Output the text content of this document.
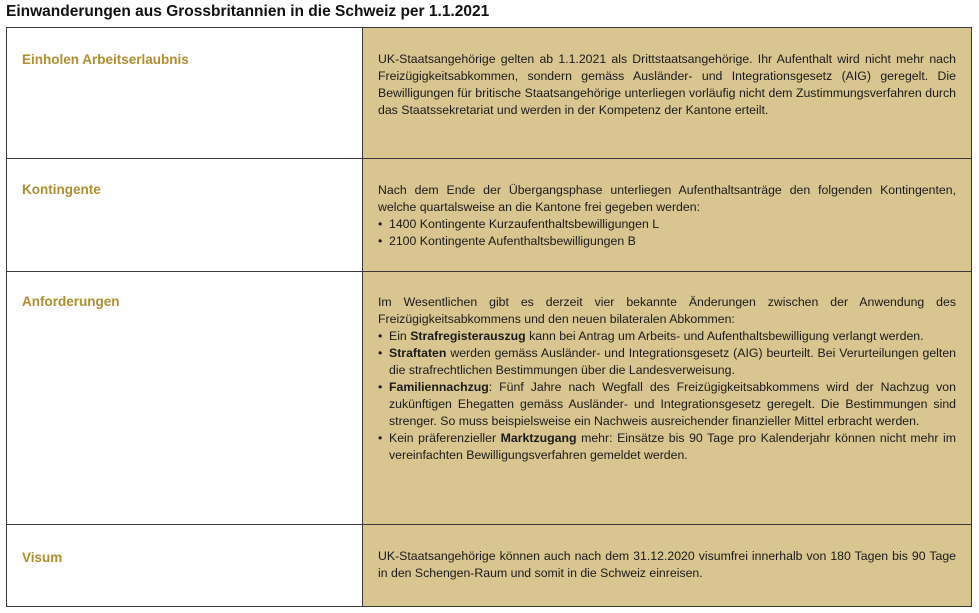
Einwanderungen aus Grossbritannien in die Schweiz per 1.1.2021
Einholen Arbeitserlaubnis	UK-Staatsangehörige gelten ab 1.1.2021 als Drittstaatsangehörige. Ihr Aufenthalt wird nicht mehr nach Freizügigkeitsabkommen, sondern gemäss Ausländer- und Integrationsgesetz (AIG) geregelt. Die Bewilligungen für britische Staatsangehörige unterliegen vorläufig nicht dem Zustimmungsverfahren durch das Staatssekretariat und werden in der Kompetenz der Kantone erteilt.

Kontingente	Nach dem Ende der Übergangsphase unterliegen Aufenthaltsanträge den folgenden Kontingenten, welche quartalsweise an die Kantone frei gegeben werden:

• 1400 Kontingente Kurzaufenthaltsbewilligungen L
• 2100 Kontingente Aufenthaltsbewilligungen B
Anforderungen	Im Wesentlichen gibt es derzeit vier bekannte Änderungen zwischen der Anwendung des Freizügigkeitsabkommens und den neuen bilateralen Abkommen:

• Ein Strafregisterauszug kann bei Antrag um Arbeits- und Aufenthaltsbewilligung verlangt werden.
• Straftaten werden gemäss Ausländer- und Integrationsgesetz (AIG) beurteilt. Bei Verurteilungen gelten die strafrechtlichen Bestimmungen über die Landesverweisung.
• Familiennachzug: Fünf Jahre nach Wegfall des Freizügigkeitsabkommens wird der Nachzug von zukünftigen Ehegatten gemäss Ausländer- und Integrationsgesetz geregelt. Die Bestimmungen sind strenger. So muss beispielsweise ein Nachweis ausreichender finanzieller Mittel erbracht werden.
• Kein präferenzieller Marktzugang mehr: Einsätze bis 90 Tage pro Kalenderjahr können nicht mehr im vereinfachten Bewilligungsverfahren gemeldet werden.
Visum	UK-Staatsangehörige können auch nach dem 31.12.2020 visumfrei innerhalb von 180 Tagen bis 90 Tage in den Schengen-Raum und somit in die Schweiz einreisen.
